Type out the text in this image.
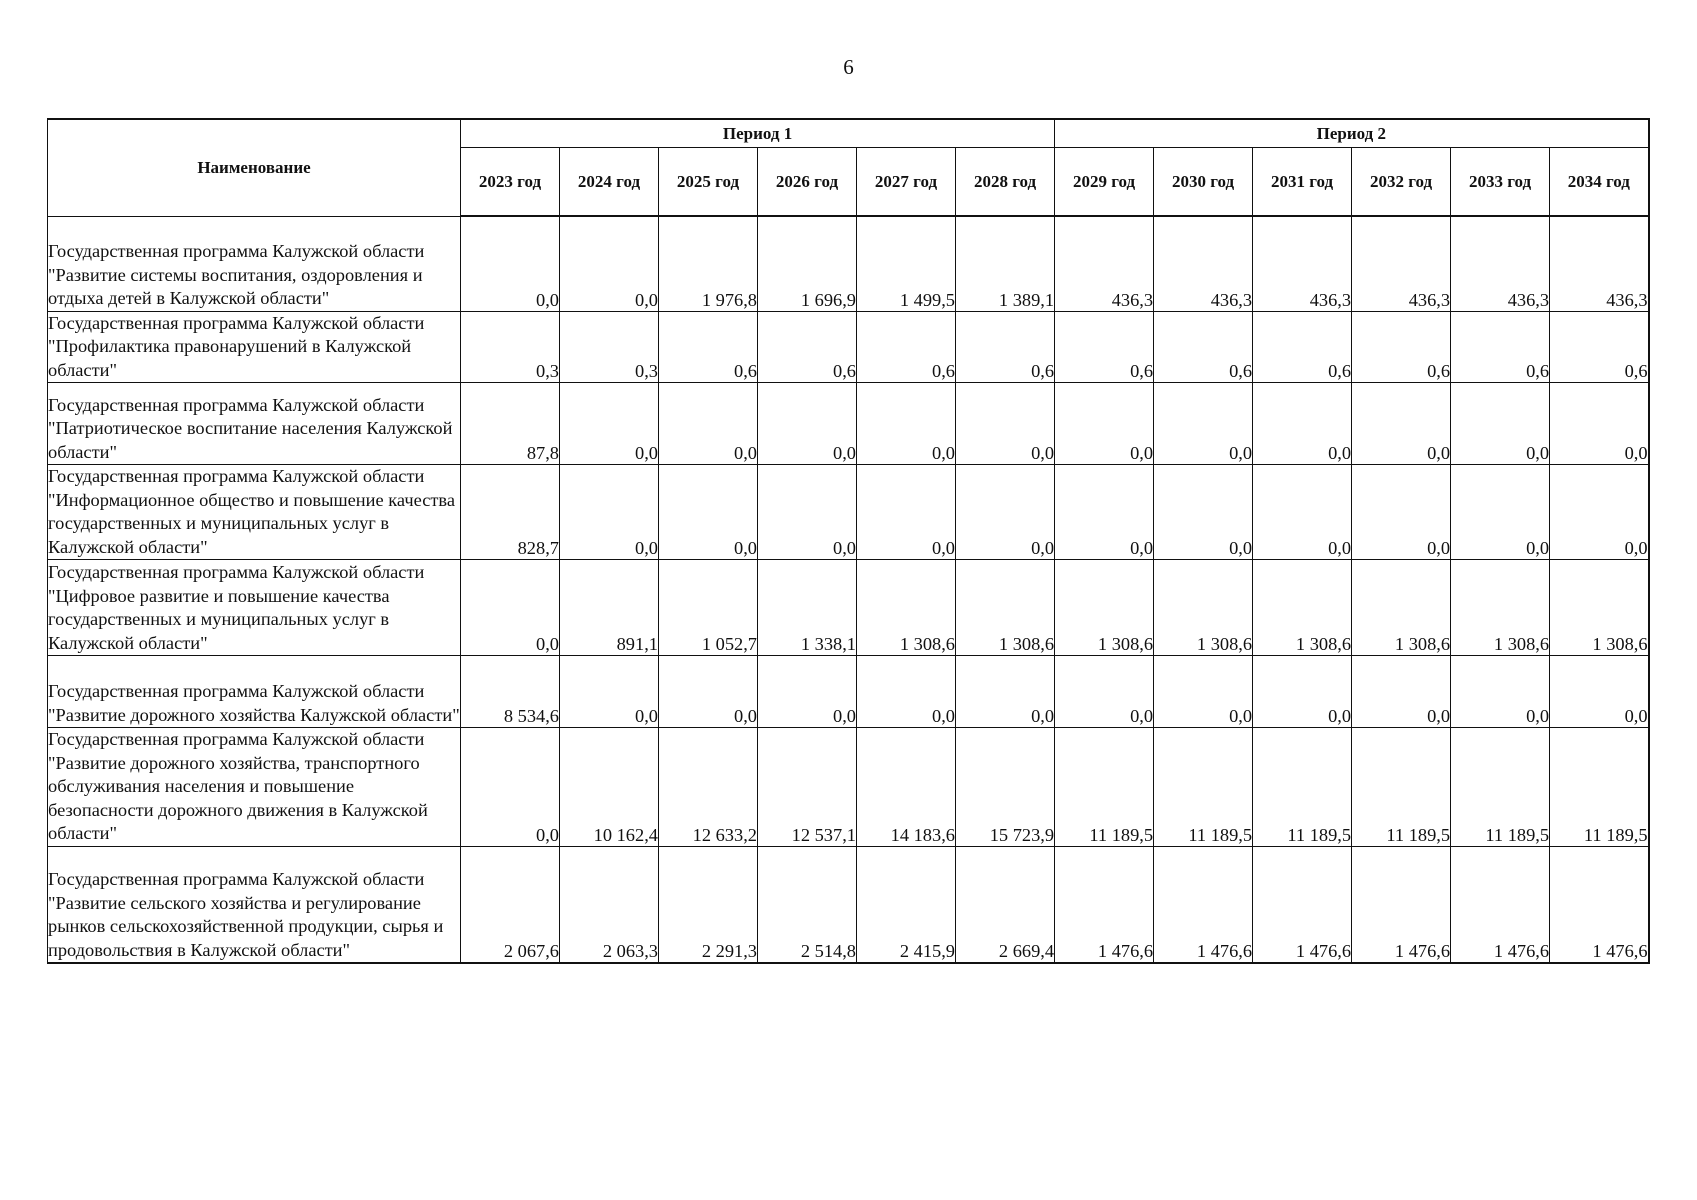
6
Наименование	Период 1						Период 2					
	2023 год	2024 год	2025 год	2026 год	2027 год	2028 год	2029 год	2030 год	2031 год	2032 год	2033 год	2034 год
Государственная программа Калужской области "Развитие системы воспитания, оздоровления и отдыха детей в Калужской области"	0,0	0,0	1 976,8	1 696,9	1 499,5	1 389,1	436,3	436,3	436,3	436,3	436,3	436,3
Государственная программа Калужской области "Профилактика правонарушений в Калужской области"	0,3	0,3	0,6	0,6	0,6	0,6	0,6	0,6	0,6	0,6	0,6	0,6
Государственная программа Калужской области "Патриотическое воспитание населения Калужской области"	87,8	0,0	0,0	0,0	0,0	0,0	0,0	0,0	0,0	0,0	0,0	0,0
Государственная программа Калужской области "Информационное общество и повышение качества государственных и муниципальных услуг в Калужской области"	828,7	0,0	0,0	0,0	0,0	0,0	0,0	0,0	0,0	0,0	0,0	0,0
Государственная программа Калужской области "Цифровое развитие и повышение качества государственных и муниципальных услуг в Калужской области"	0,0	891,1	1 052,7	1 338,1	1 308,6	1 308,6	1 308,6	1 308,6	1 308,6	1 308,6	1 308,6	1 308,6
Государственная программа Калужской области "Развитие дорожного хозяйства Калужской области"	8 534,6	0,0	0,0	0,0	0,0	0,0	0,0	0,0	0,0	0,0	0,0	0,0
Государственная программа Калужской области "Развитие дорожного хозяйства, транспортного обслуживания населения и повышение безопасности дорожного движения в Калужской области"	0,0	10 162,4	12 633,2	12 537,1	14 183,6	15 723,9	11 189,5	11 189,5	11 189,5	11 189,5	11 189,5	11 189,5
Государственная программа Калужской области "Развитие сельского хозяйства и регулирование рынков сельскохозяйственной продукции, сырья и продовольствия в Калужской области"	2 067,6	2 063,3	2 291,3	2 514,8	2 415,9	2 669,4	1 476,6	1 476,6	1 476,6	1 476,6	1 476,6	1 476,6
